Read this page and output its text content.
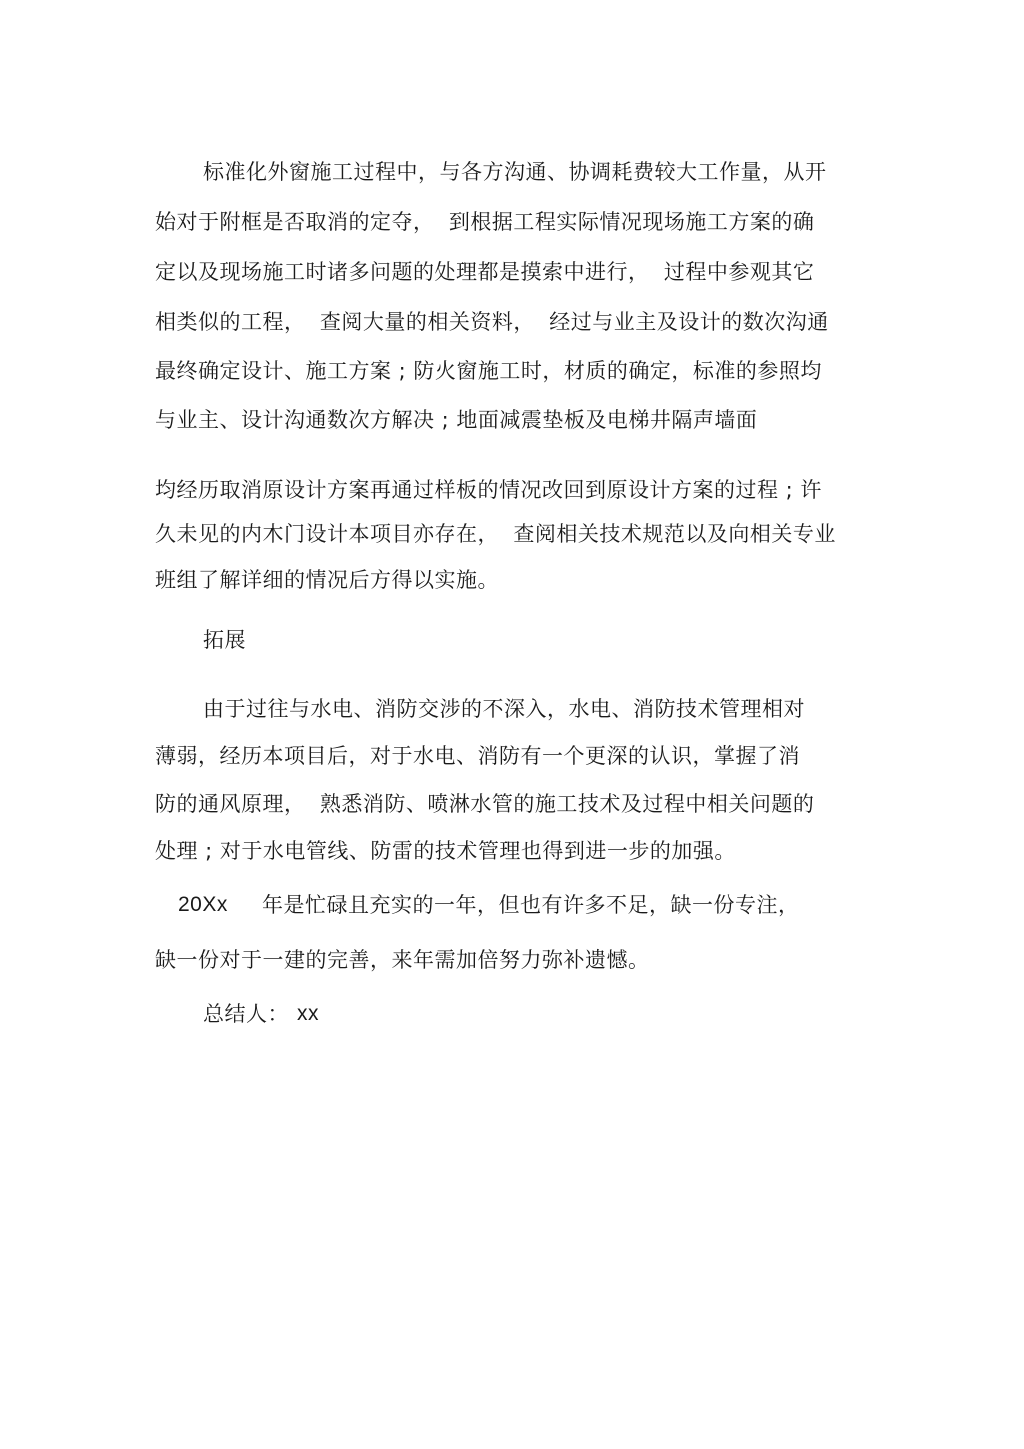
标准化外窗施工过程中，与各方沟通、协调耗费较大工作量，从开
始对于附框是否取消的定夺，  到根据工程实际情况现场施工方案的确
定以及现场施工时诸多问题的处理都是摸索中进行，  过程中参观其它
相类似的工程，  查阅大量的相关资料，  经过与业主及设计的数次沟通
最终确定设计、施工方案 ; 防火窗施工时，材质的确定，标准的参照均
与业主、设计沟通数次方解决 ; 地面减震垫板及电梯井隔声墙面
均经历取消原设计方案再通过样板的情况改回到原设计方案的过程 ; 许
久未见的内木门设计本项目亦存在，  查阅相关技术规范以及向相关专业
班组了解详细的情况后方得以实施。
拓展
由于过往与水电、消防交涉的不深入，水电、消防技术管理相对
薄弱，经历本项目后，对于水电、消防有一个更深的认识，掌握了消
防的通风原理，  熟悉消防、喷淋水管的施工技术及过程中相关问题的
处理 ; 对于水电管线、防雷的技术管理也得到进一步的加强。
20Xx 年是忙碌且充实的一年，但也有许多不足，缺一份专注，
缺一份对于一建的完善，来年需加倍努力弥补遗憾。
总结人： xx
